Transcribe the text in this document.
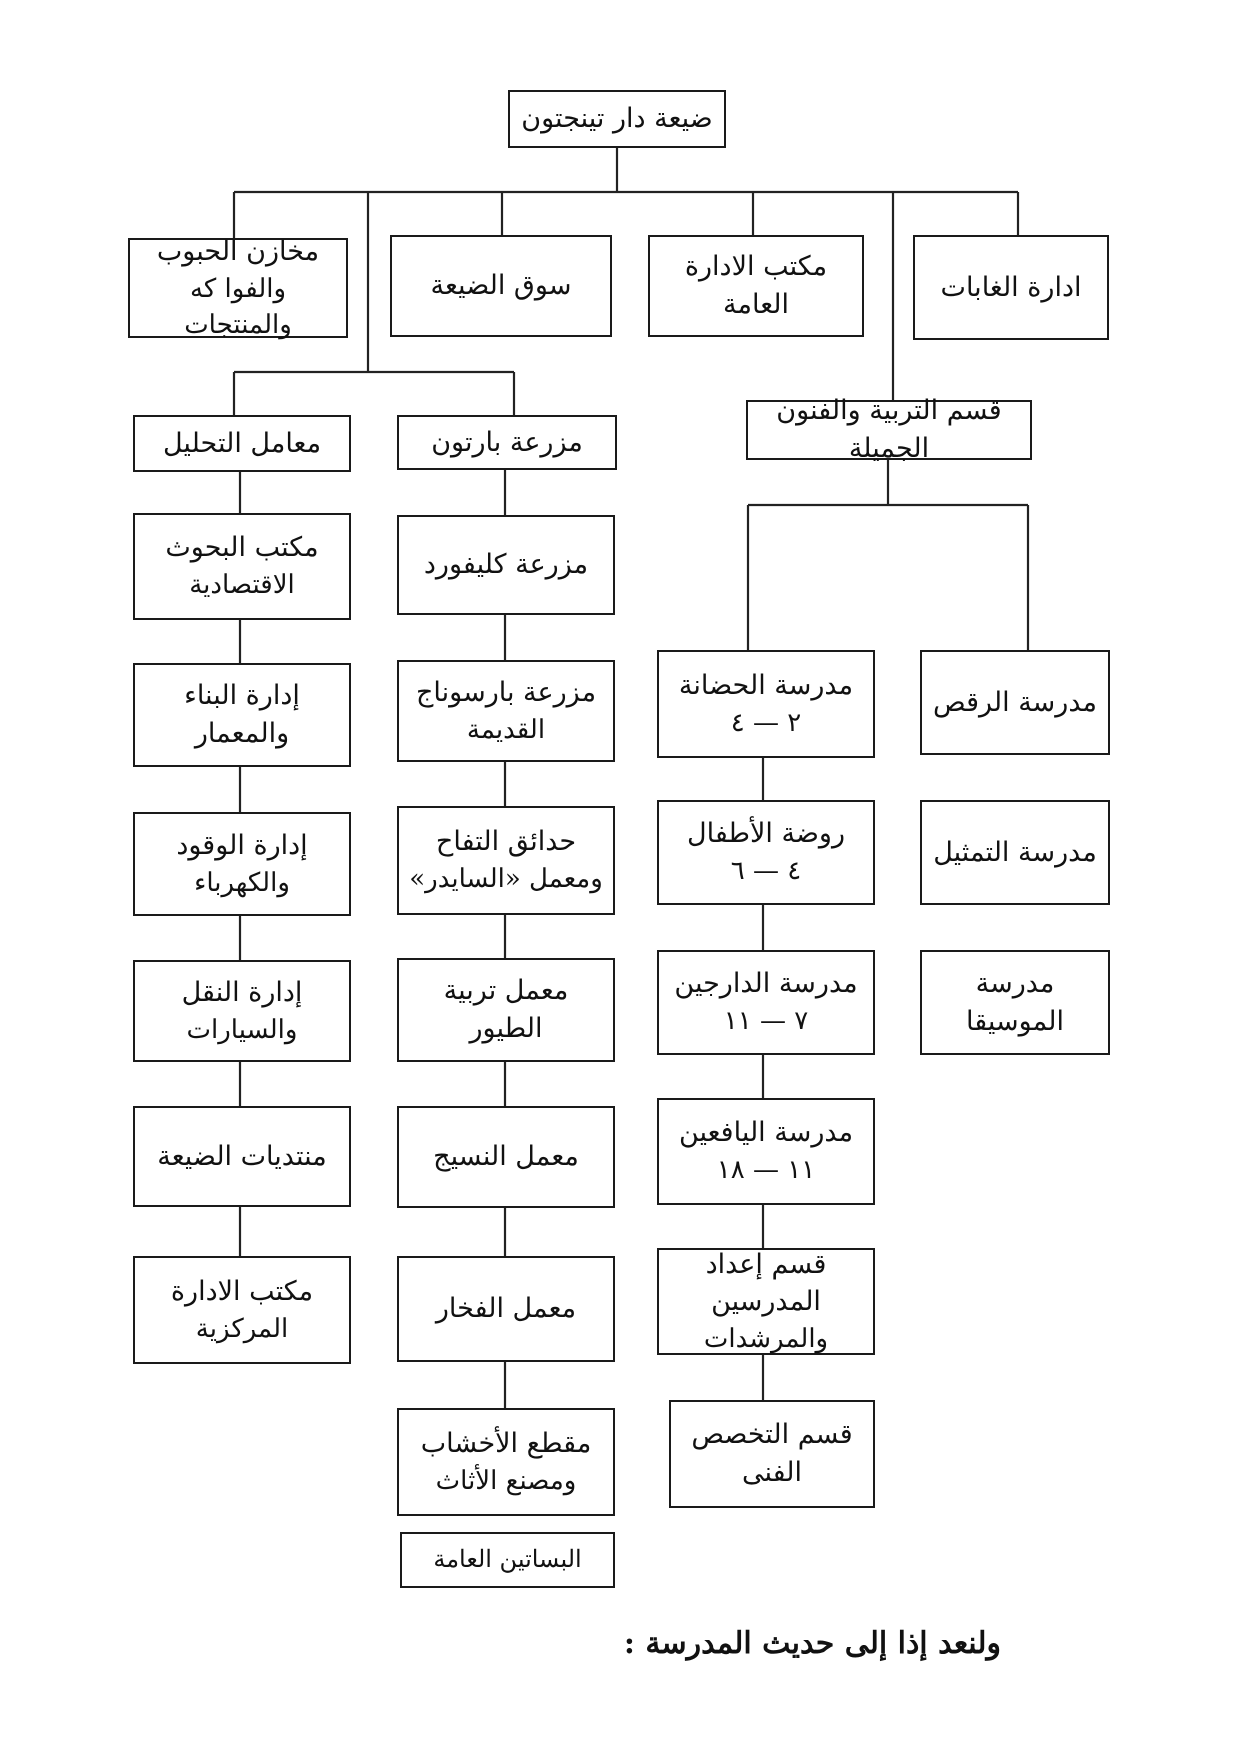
ضيعة دار تينجتون
ادارة الغابات
مكتب الادارة العامة
سوق الضيعة
مخازن الحبوب
والفوا كه والمنتجات
قسم التربية والفنون الجميلة
مدرسة الرقص
مدرسة التمثيل
مدرسة الموسيقا
مدرسة الحضانة
٢ — ٤
روضة الأطفال
٤ — ٦
مدرسة الدارجين
٧ — ١١
مدرسة اليافعين
١١ — ١٨
قسم إعداد المدرسين
والمرشدات
قسم التخصص الفنى
مزرعة بارتون
مزرعة كليفورد
مزرعة بارسوناج
القديمة
حدائق التفاح
ومعمل «السايدر»
معمل تربية الطيور
معمل النسيج
معمل الفخار
مقطع الأخشاب
ومصنع الأثاث
البساتين العامة
معامل التحليل
مكتب البحوث
الاقتصادية
إدارة البناء والمعمار
إدارة الوقود
والكهرباء
إدارة النقل
والسيارات
منتديات الضيعة
مكتب الادارة
المركزية
ولنعد إذا إلى حديث المدرسة :
